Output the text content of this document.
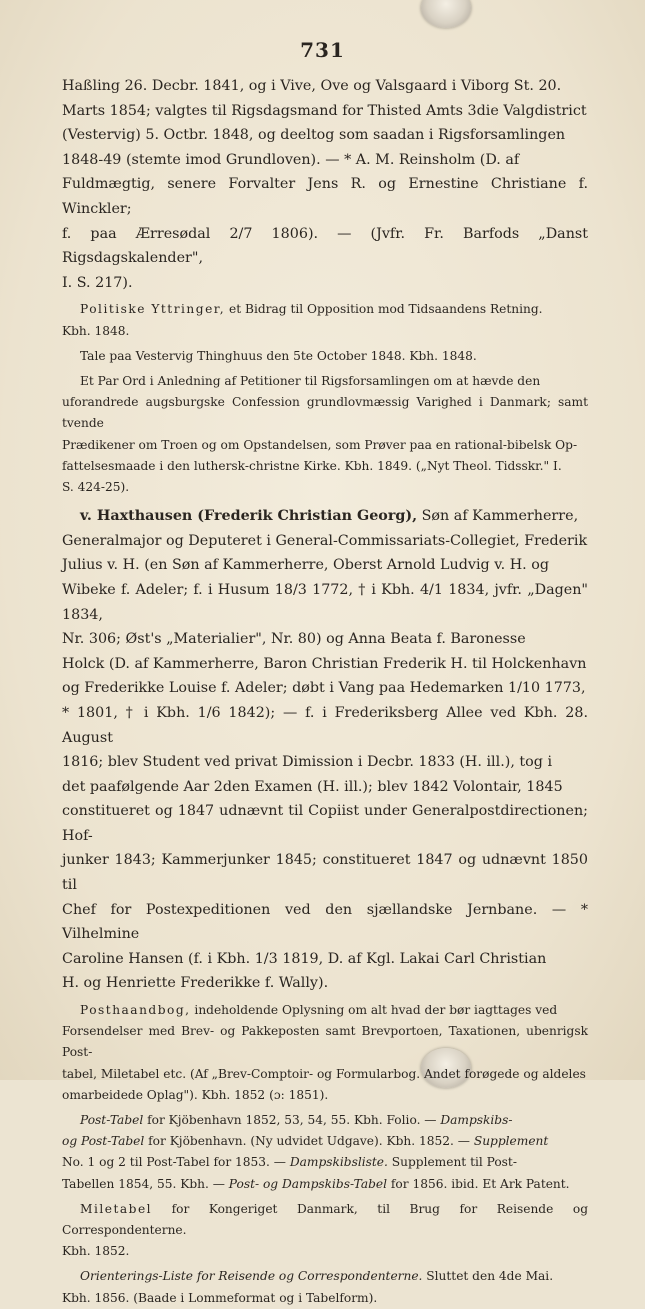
731

Haßling 26. Decbr. 1841, og i Vive, Ove og Valsgaard i Viborg St. 20.
Marts 1854; valgtes til Rigsdagsmand for Thisted Amts 3die Valgdistrict
(Vestervig) 5. Octbr. 1848, og deeltog som saadan i Rigsforsamlingen
1848-49 (stemte imod Grundloven). — * A. M. Reinsholm (D. af
Fuldmægtig, senere Forvalter Jens R. og Ernestine Christiane f. Winckler;
f. paa Ærresødal 2/7 1806). — (Jvfr. Fr. Barfods „Danst Rigsdagskalender",
I. S. 217).

Politiske Yttringer, et Bidrag til Opposition mod Tidsaandens Retning.
Kbh. 1848.

Tale paa Vestervig Thinghuus den 5te October 1848. Kbh. 1848.

Et Par Ord i Anledning af Petitioner til Rigsforsamlingen om at hævde den
uforandrede augsburgske Confession grundlovmæssig Varighed i Danmark; samt tvende
Prædikener om Troen og om Opstandelsen, som Prøver paa en rational-bibelsk Op-
fattelsesmaade i den luthersk-christne Kirke. Kbh. 1849. („Nyt Theol. Tidsskr." I.
S. 424-25).

v. Haxthausen (Frederik Christian Georg), Søn af Kammerherre,
Generalmajor og Deputeret i General-Commissariats-Collegiet, Frederik
Julius v. H. (en Søn af Kammerherre, Oberst Arnold Ludvig v. H. og
Wibeke f. Adeler; f. i Husum 18/3 1772, † i Kbh. 4/1 1834, jvfr. „Dagen" 1834,
Nr. 306; Øst's „Materialier", Nr. 80) og Anna Beata f. Baronesse
Holck (D. af Kammerherre, Baron Christian Frederik H. til Holckenhavn
og Frederikke Louise f. Adeler; døbt i Vang paa Hedemarken 1/10 1773,
* 1801, † i Kbh. 1/6 1842); — f. i Frederiksberg Allee ved Kbh. 28. August
1816; blev Student ved privat Dimission i Decbr. 1833 (H. ill.), tog i
det paafølgende Aar 2den Examen (H. ill.); blev 1842 Volontair, 1845
constitueret og 1847 udnævnt til Copiist under Generalpostdirectionen; Hof-
junker 1843; Kammerjunker 1845; constitueret 1847 og udnævnt 1850 til
Chef for Postexpeditionen ved den sjællandske Jernbane. — * Vilhelmine
Caroline Hansen (f. i Kbh. 1/3 1819, D. af Kgl. Lakai Carl Christian
H. og Henriette Frederikke f. Wally).

Posthaandbog, indeholdende Oplysning om alt hvad der bør iagttages ved
Forsendelser med Brev- og Pakkeposten samt Brevportoen, Taxationen, ubenrigsk Post-
tabel, Miletabel etc. (Af „Brev-Comptoir- og Formularbog. Andet forøgede og aldeles
omarbeidede Oplag"). Kbh. 1852 (ɔ: 1851).

Post-Tabel for Kjöbenhavn 1852, 53, 54, 55. Kbh. Folio. — Dampskibs-
og Post-Tabel for Kjöbenhavn. (Ny udvidet Udgave). Kbh. 1852. — Supplement
No. 1 og 2 til Post-Tabel for 1853. — Dampskibsliste. Supplement til Post-
Tabellen 1854, 55. Kbh. — Post- og Dampskibs-Tabel for 1856. ibid. Et Ark Patent.

Miletabel for Kongeriget Danmark, til Brug for Reisende og Correspondenterne.
Kbh. 1852.

Orienterings-Liste for Reisende og Correspondenterne. Sluttet den 4de Mai.
Kbh. 1856. (Baade i Lommeformat og i Tabelform).
